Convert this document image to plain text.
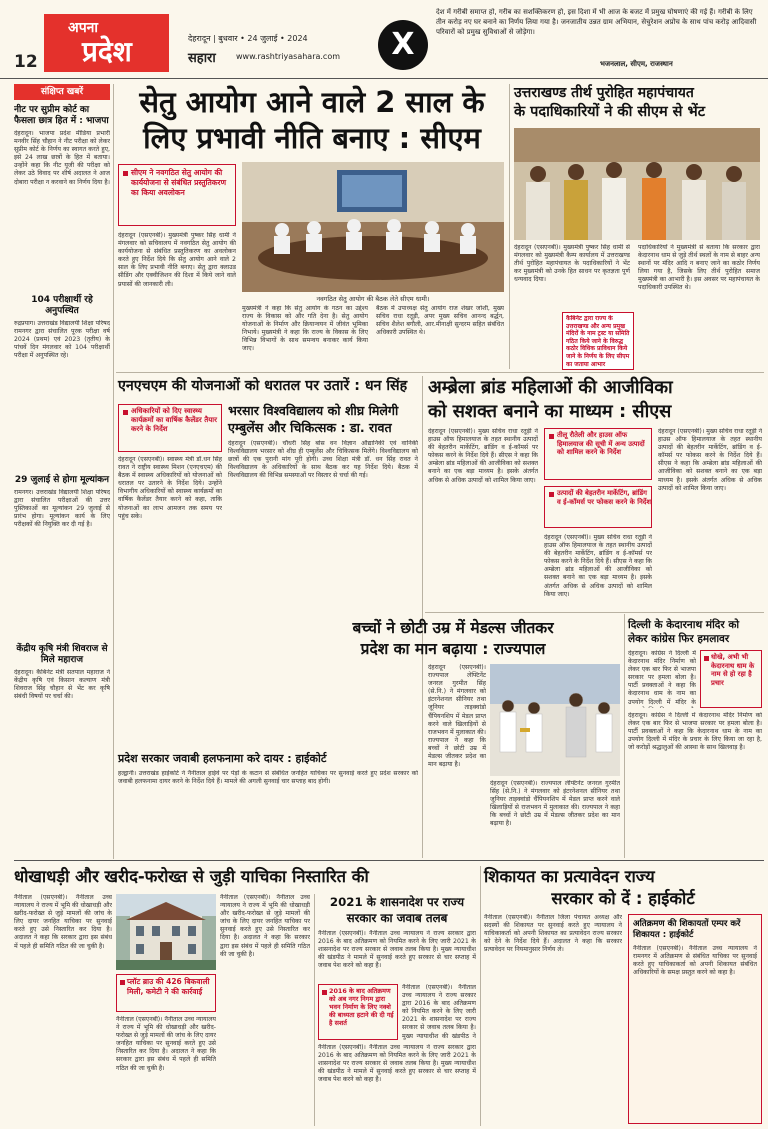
12
अपना
प्रदेश	देहरादून | बुधवार • 24 जुलाई • 2024
सहारा	www.rashtriyasahara.com	X
देश में गरीबी समाप्त हो, गरीब का सशक्तिकरण हो, इस दिशा में भी आज के बजट में प्रमुख घोषणाएं की गई हैं। गरीबी के लिए तीन करोड़ नए घर बनाने का निर्णय लिया गया है। जनजातीय उन्नत ग्राम अभियान, सेचुरेशन अप्रोच के साथ पांच करोड़ आदिवासी परिवारों को प्रमुख सुविधाओं से जोड़ेगा।
भजनलाल, सीएम, राजस्थान
संक्षिप्त खबरें
नीट पर सुप्रीम कोर्ट का फैसला छात्र हित में : भाजपा
देहरादून। भाजपा प्रदेश मीडिया प्रभारी मनवीर सिंह चौहान ने नीट परीक्षा को लेकर सुप्रीम कोर्ट के निर्णय का स्वागत करते हुए, इसे 24 लाख छात्रों के हित में बताया। उन्होंने कहा कि नीट यूजी की परीक्षा को लेकर उठे विवाद पर शीर्ष अदालत ने आज दोबारा परीक्षा न करवाने का निर्णय दिया है।
104 परीक्षार्थी रहे अनुपस्थित
रुद्रप्रयाग। उत्तराखंड विद्यालयी शिक्षा परिषद रामनगर द्वारा संचालित पूरक परीक्षा वर्ष 2024 (प्रथम) एवं 2023 (तृतीय) के पांचवें दिन मंगलवार को 104 परीक्षार्थी परीक्षा में अनुपस्थित रहे।
29 जुलाई से होगा मूल्यांकन
रामनगर। उत्तराखंड विद्यालयी शिक्षा परिषद द्वारा संचालित परीक्षाओं की उत्तर पुस्तिकाओं का मूल्यांकन 29 जुलाई से प्रारंभ होगा। मूल्यांकन कार्य के लिए परीक्षकों की नियुक्ति कर दी गई है।
केंद्रीय कृषि मंत्री शिवराज से मिले महाराज
देहरादून। कैबिनेट मंत्री सतपाल महाराज ने केंद्रीय कृषि एवं किसान कल्याण मंत्री शिवराज सिंह चौहान से भेंट कर कृषि संबंधी विषयों पर चर्चा की।
सेतु आयोग आने वाले 2 साल के
लिए प्रभावी नीति बनाए : सीएम
सीएम ने नवगठित सेतु आयोग की कार्ययोजना से संबंधित प्रस्तुतिकरण का किया अवलोकन
देहरादून (एसएनबी)। मुख्यमंत्री पुष्कर सिंह धामी ने मंगलवार को सचिवालय में नवगठित सेतु आयोग की कार्ययोजना से संबंधित प्रस्तुतिकरण का अवलोकन करते हुए निर्देश दिये कि सेतु आयोग आने वाले 2 साल के लिए प्रभावी नीति बनाए। सेतु द्वारा क्लाउड सीडिंग और एक्वीजिशन की दिशा में किये जाने वाले प्रयासों की जानकारी ली।
नवगठित सेतु आयोग की बैठक लेते सीएम धामी।
मुख्यमंत्री ने कहा कि सेतु आयोग के गठन का उद्देश्य राज्य के विकास को और गति देना है। सेतु आयोग योजनाओं के निर्माण और क्रियान्वयन में जीवंत भूमिका निभाये। मुख्यमंत्री ने कहा कि राज्य के विकास के लिए विभिन्न विभागों के साथ समन्वय बनाकर कार्य किया जाए।
बैठक में उपाध्यक्ष सेतु आयोग राज शेखर जोशी, मुख्य सचिव राधा रतूड़ी, अपर मुख्य सचिव आनन्द बर्द्धन, सचिव शैलेश बगौली, आर.मीनाक्षी सुन्दरम सहित संबंधित अधिकारी उपस्थित थे।
उत्तराखण्ड तीर्थ पुरोहित महापंचायत
के पदाधिकारियों ने की सीएम से भेंट
देहरादून (एसएनबी)। मुख्यमंत्री पुष्कर सिंह धामी से मंगलवार को मुख्यमंत्री कैम्प कार्यालय में उत्तराखण्ड तीर्थ पुरोहित महापंचायत के पदाधिकारियों ने भेंट कर मुख्यमंत्री को उनके हित साधन पर कृतज्ञता पूर्ण धन्यवाद दिया।
कैबिनेट द्वारा राज्य के उत्तराखण्ड और अन्य प्रमुख मंदिरों के नाम ट्रस्ट या समिति गठित किये जाने के विरुद्ध कठोर विधिक प्राविधान किये जाने के निर्णय के लिए सीएम का जताया आभार
पदाधिकारियों ने मुख्यमंत्री से बताया कि सरकार द्वारा केदारनाथ धाम से जुड़े तीर्थ स्थलों के नाम से बाहर अन्य स्थानों पर मंदिर आदि न बनाए जाने का कठोर निर्णय लिया गया है, जिसके लिए तीर्थ पुरोहित समाज मुख्यमंत्री का आभारी है। इस अवसर पर महापंचायत के पदाधिकारी उपस्थित थे।
एनएचएम की योजनाओं को धरातल पर उतारें : धन सिंह
अधिकारियों को दिए स्वास्थ्य कार्यक्रमों का वार्षिक कैलेंडर तैयार करने के निर्देश
देहरादून (एसएनबी)। स्वास्थ्य मंत्री डॉ.धन सिंह रावत ने राष्ट्रीय स्वास्थ्य मिशन (एनएचएम) की बैठक में स्वास्थ्य अधिकारियों को योजनाओं को धरातल पर उतारने के निर्देश दिये। उन्होंने विभागीय अधिकारियों को स्वास्थ्य कार्यक्रमों का वार्षिक कैलेंडर तैयार करने को कहा, ताकि योजनाओं का लाभ आमजन तक समय पर पहुंच सके।
भरसार विश्वविद्यालय को शीघ्र मिलेगी
एम्बुलेंस और चिकित्सक : डा. रावत
देहरादून (एसएनबी)। चौधरी सिंह बोस वन विज्ञान औद्यानिकी एवं वानिकी विश्वविद्यालय भरसार को शीघ्र ही एम्बुलेंस और चिकित्सक मिलेंगे। विश्वविद्यालय को छात्रों की एक पुरानी मांग पूरी होगी। उच्च शिक्षा मंत्री डॉ. धन सिंह रावत ने विश्वविद्यालय के अधिकारियों के साथ बैठक कर यह निर्देश दिये। बैठक में विश्वविद्यालय की विभिन्न समस्याओं पर विस्तार से चर्चा की गई।
प्रदेश सरकार जवाबी हलफनामा करे दायर : हाईकोर्ट
हल्द्वानी। उत्तराखंड हाईकोर्ट ने नैनीताल हाईवे पर पेड़ों के कटान से संबंधित जनहित याचिका पर सुनवाई करते हुए प्रदेश सरकार को जवाबी हलफनामा दायर करने के निर्देश दिये हैं। मामले की अगली सुनवाई चार सप्ताह बाद होगी।
अम्ब्रेला ब्रांड महिलाओं की आजीविका
को सशक्त बनाने का माध्यम : सीएस
देहरादून (एसएनबी)। मुख्य सचिव राधा रतूड़ी ने हाउस ऑफ हिमालयाज के तहत स्थानीय उत्पादों की बेहतरीन मार्केटिंग, ब्रांडिंग व ई-कॉमर्स पर फोकस करने के निर्देश दिये हैं। सीएस ने कहा कि अम्ब्रेला ब्रांड महिलाओं की आजीविका को सशक्त बनाने का एक बड़ा माध्यम है। इसके अंतर्गत अधिक से अधिक उत्पादों को शामिल किया जाए।
तीलू रौतेली और हाउस ऑफ हिमालयाज की सूची में अन्य उत्पादों को शामिल करने के निर्देश
उत्पादों की बेहतरीन मार्केटिंग, ब्रांडिंग व ई-कॉमर्स पर फोकस करने के निर्देश
देहरादून (एसएनबी)। मुख्य सचिव राधा रतूड़ी ने हाउस ऑफ हिमालयाज के तहत स्थानीय उत्पादों की बेहतरीन मार्केटिंग, ब्रांडिंग व ई-कॉमर्स पर फोकस करने के निर्देश दिये हैं। सीएस ने कहा कि अम्ब्रेला ब्रांड महिलाओं की आजीविका को सशक्त बनाने का एक बड़ा माध्यम है। इसके अंतर्गत अधिक से अधिक उत्पादों को शामिल किया जाए।
देहरादून (एसएनबी)। मुख्य सचिव राधा रतूड़ी ने हाउस ऑफ हिमालयाज के तहत स्थानीय उत्पादों की बेहतरीन मार्केटिंग, ब्रांडिंग व ई-कॉमर्स पर फोकस करने के निर्देश दिये हैं। सीएस ने कहा कि अम्ब्रेला ब्रांड महिलाओं की आजीविका को सशक्त बनाने का एक बड़ा माध्यम है। इसके अंतर्गत अधिक से अधिक उत्पादों को शामिल किया जाए।
बच्चों ने छोटी उम्र में मेडल्स जीतकर
प्रदेश का मान बढ़ाया : राज्यपाल
देहरादून (एसएनबी)। राज्यपाल लेफ्टिनेंट जनरल गुरमीत सिंह (से.नि.) ने मंगलवार को इंटरनेशनल सीनियर तथा जूनियर ताइक्वांडो चैंपियनशिप में मेडल प्राप्त करने वाले खिलाड़ियों से राजभवन में मुलाकात की। राज्यपाल ने कहा कि बच्चों ने छोटी उम्र में मेडल्स जीतकर प्रदेश का मान बढ़ाया है।
देहरादून (एसएनबी)। राज्यपाल लेफ्टिनेंट जनरल गुरमीत सिंह (से.नि.) ने मंगलवार को इंटरनेशनल सीनियर तथा जूनियर ताइक्वांडो चैंपियनशिप में मेडल प्राप्त करने वाले खिलाड़ियों से राजभवन में मुलाकात की। राज्यपाल ने कहा कि बच्चों ने छोटी उम्र में मेडल्स जीतकर प्रदेश का मान बढ़ाया है।
दिल्ली के केदारनाथ मंदिर को
लेकर कांग्रेस फिर हमलावर
देहरादून। कांग्रेस ने दिल्ली में केदारनाथ मंदिर निर्माण को लेकर एक बार फिर से भाजपा सरकार पर हमला बोला है। पार्टी प्रवक्ताओं ने कहा कि केदारनाथ धाम के नाम का उपयोग दिल्ली में मंदिर के
धोखे, अभी भी केदारनाथ धाम के नाम से हो रहा है प्रचार
देहरादून। कांग्रेस ने दिल्ली में केदारनाथ मंदिर निर्माण को लेकर एक बार फिर से भाजपा सरकार पर हमला बोला है। पार्टी प्रवक्ताओं ने कहा कि केदारनाथ धाम के नाम का उपयोग दिल्ली में मंदिर के प्रचार के लिए किया जा रहा है, जो करोड़ों श्रद्धालुओं की आस्था के साथ खिलवाड़ है।
धोखाधड़ी और खरीद-फरोख्त से जुड़ी याचिका निस्तारित की
नैनीताल (एसएनबी)। नैनीताल उच्च न्यायालय ने राज्य में भूमि की धोखाधड़ी और खरीद-फरोख्त से जुड़े मामलों की जांच के लिए दायर जनहित याचिका पर सुनवाई करते हुए उसे निस्तारित कर दिया है। अदालत ने कहा कि सरकार द्वारा इस संबंध में पहले ही समिति गठित की जा चुकी है।
प्लॉट ब्राउ की 426 बिकवाली मिली, कमेटी ने की कार्रवाई
नैनीताल (एसएनबी)। नैनीताल उच्च न्यायालय ने राज्य में भूमि की धोखाधड़ी और खरीद-फरोख्त से जुड़े मामलों की जांच के लिए दायर जनहित याचिका पर सुनवाई करते हुए उसे निस्तारित कर दिया है। अदालत ने कहा कि सरकार द्वारा इस संबंध में पहले ही समिति गठित की जा चुकी है।
नैनीताल (एसएनबी)। नैनीताल उच्च न्यायालय ने राज्य में भूमि की धोखाधड़ी और खरीद-फरोख्त से जुड़े मामलों की जांच के लिए दायर जनहित याचिका पर सुनवाई करते हुए उसे निस्तारित कर दिया है। अदालत ने कहा कि सरकार द्वारा इस संबंध में पहले ही समिति गठित की जा चुकी है।
2021 के शासनादेश पर राज्य
सरकार का जवाब तलब
नैनीताल (एसएनबी)। नैनीताल उच्च न्यायालय ने राज्य सरकार द्वारा 2016 के बाद अतिक्रमण को नियमित करने के लिए जारी 2021 के शासनादेश पर राज्य सरकार से जवाब तलब किया है। मुख्य न्यायाधीश की खंडपीठ ने मामले में सुनवाई करते हुए सरकार से चार सप्ताह में जवाब पेश करने को कहा है।
2016 के बाद अतिक्रमण को अब नगर निगम द्वारा भवन निर्माण के लिए नक्शे की बाध्यता हटाने की दी गई है सशर्त
नैनीताल (एसएनबी)। नैनीताल उच्च न्यायालय ने राज्य सरकार द्वारा 2016 के बाद अतिक्रमण को नियमित करने के लिए जारी 2021 के शासनादेश पर राज्य सरकार से जवाब तलब किया है। मुख्य न्यायाधीश की खंडपीठ ने
नैनीताल (एसएनबी)। नैनीताल उच्च न्यायालय ने राज्य सरकार द्वारा 2016 के बाद अतिक्रमण को नियमित करने के लिए जारी 2021 के शासनादेश पर राज्य सरकार से जवाब तलब किया है। मुख्य न्यायाधीश की खंडपीठ ने मामले में सुनवाई करते हुए सरकार से चार सप्ताह में जवाब पेश करने को कहा है।
शिकायत का प्रत्यावेदन राज्य
सरकार को दें : हाईकोर्ट
नैनीताल (एसएनबी)। नैनीताल जिला पंचायत अध्यक्ष और सदस्यों की शिकायत पर सुनवाई करते हुए न्यायालय ने याचिकाकर्ता को अपनी शिकायत का प्रत्यावेदन राज्य सरकार को देने के निर्देश दिये हैं। अदालत ने कहा कि सरकार प्रत्यावेदन पर नियमानुसार निर्णय ले।
अतिक्रमण की शिकायतों एम्पर करें शिकायत : हाईकोर्ट
नैनीताल (एसएनबी)। नैनीताल उच्च न्यायालय ने रामनगर में अतिक्रमण से संबंधित याचिका पर सुनवाई करते हुए याचिकाकर्ता को अपनी शिकायत संबंधित अधिकारियों के समक्ष प्रस्तुत करने को कहा है।
